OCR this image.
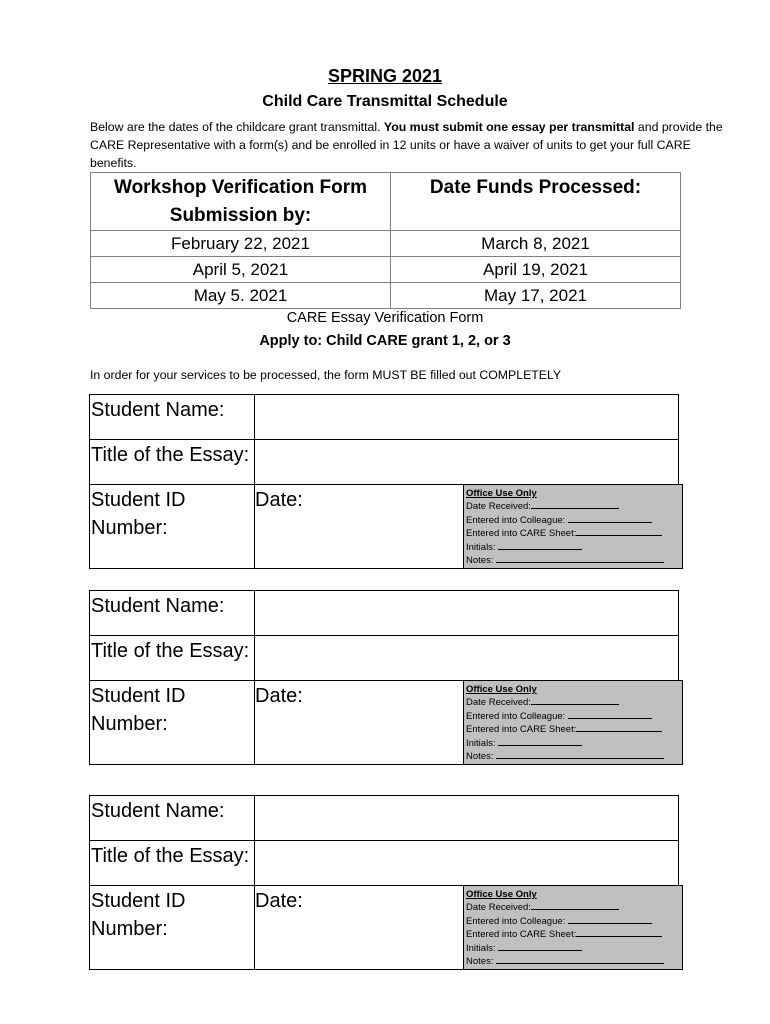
SPRING 2021
Child Care Transmittal Schedule
Below are the dates of the childcare grant transmittal. You must submit one essay per transmittal and provide the CARE Representative with a form(s) and be enrolled in 12 units or have a waiver of units to get your full CARE benefits.
Workshop Verification Form Submission by:	Date Funds Processed:
February 22, 2021	March 8, 2021
April 5, 2021	April 19, 2021
May 5. 2021	May 17, 2021
CARE Essay Verification Form
Apply to: Child CARE grant 1, 2, or 3
In order for your services to be processed, the form MUST BE filled out COMPLETELY
Student Name:
Title of the Essay:
Student ID Number:
Date:	Office Use Only
Date Received:
Entered into Colleague:
Entered into CARE Sheet:
Initials:
Notes:
Student Name:
Title of the Essay:
Student ID Number:
Date:	Office Use Only
Date Received:
Entered into Colleague:
Entered into CARE Sheet:
Initials:
Notes:
Student Name:
Title of the Essay:
Student ID Number:
Date:	Office Use Only
Date Received:
Entered into Colleague:
Entered into CARE Sheet:
Initials:
Notes:
